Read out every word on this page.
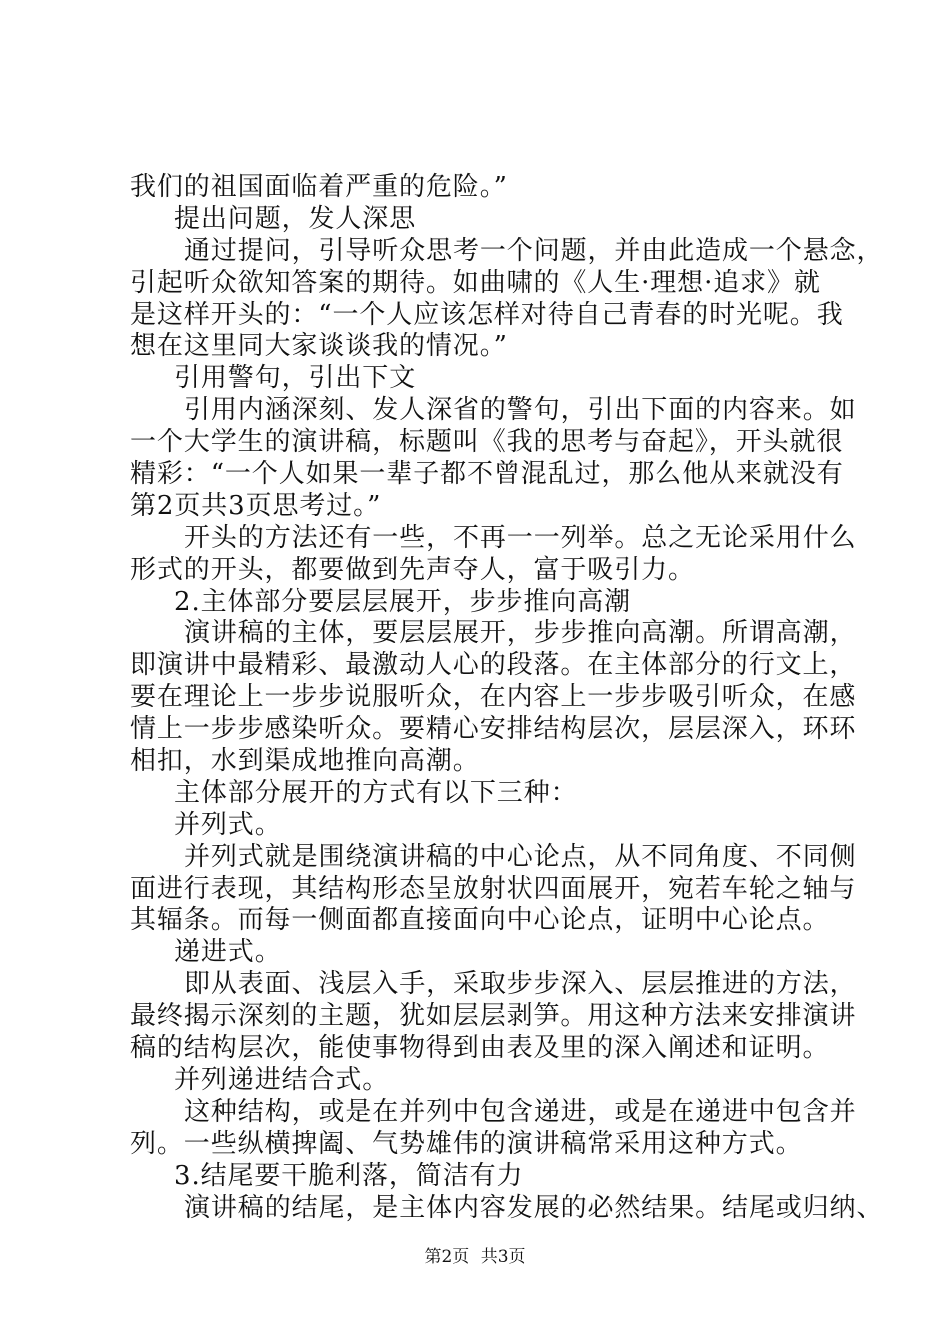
我们的祖国面临着严重的危险。”
提出问题，发人深思
通过提问，引导听众思考一个问题，并由此造成一个悬念，
引起听众欲知答案的期待。如曲啸的《人生·理想·追求》就
是这样开头的：“一个人应该怎样对待自己青春的时光呢。我
想在这里同大家谈谈我的情况。”
引用警句，引出下文
引用内涵深刻、发人深省的警句，引出下面的内容来。如
一个大学生的演讲稿，标题叫《我的思考与奋起》，开头就很
精彩：“一个人如果一辈子都不曾混乱过，那么他从来就没有
第2页共3页思考过。”
开头的方法还有一些，不再一一列举。总之无论采用什么
形式的开头，都要做到先声夺人，富于吸引力。
2.主体部分要层层展开，步步推向高潮
演讲稿的主体，要层层展开，步步推向高潮。所谓高潮，
即演讲中最精彩、最激动人心的段落。在主体部分的行文上，
要在理论上一步步说服听众，在内容上一步步吸引听众，在感
情上一步步感染听众。要精心安排结构层次，层层深入，环环
相扣，水到渠成地推向高潮。
主体部分展开的方式有以下三种：
并列式。
并列式就是围绕演讲稿的中心论点，从不同角度、不同侧
面进行表现，其结构形态呈放射状四面展开，宛若车轮之轴与
其辐条。而每一侧面都直接面向中心论点，证明中心论点。
递进式。
即从表面、浅层入手，采取步步深入、层层推进的方法，
最终揭示深刻的主题，犹如层层剥笋。用这种方法来安排演讲
稿的结构层次，能使事物得到由表及里的深入阐述和证明。
并列递进结合式。
这种结构，或是在并列中包含递进，或是在递进中包含并
列。一些纵横捭阖、气势雄伟的演讲稿常采用这种方式。
3.结尾要干脆利落，简洁有力
演讲稿的结尾，是主体内容发展的必然结果。结尾或归纳、
第2页 共3页
